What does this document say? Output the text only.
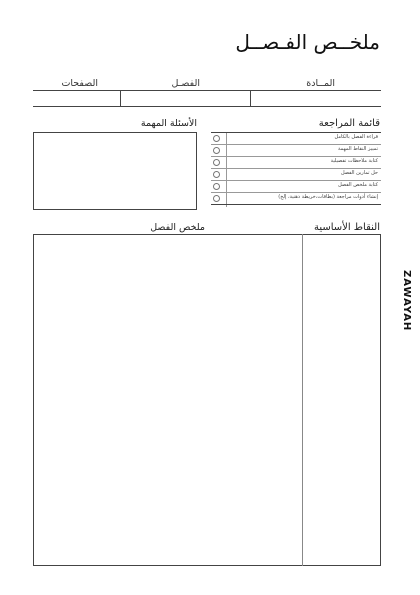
ملخــص الفـصــل
المــادة
الفصـل
الصفحات
قائمة المراجعة
قراءة الفصل بالكامل
تمييز النقاط المهمة
كتابة ملاحظات تفصيلية
حل تمارين الفصل
كتابة ملخص الفصل
إنشاء أدوات مراجعة (بطاقات،خريطة ذهنية، إلخ)
الأسئلة المهمة
النقاط الأساسية
ملخص الفصل
ZAWAYAH
